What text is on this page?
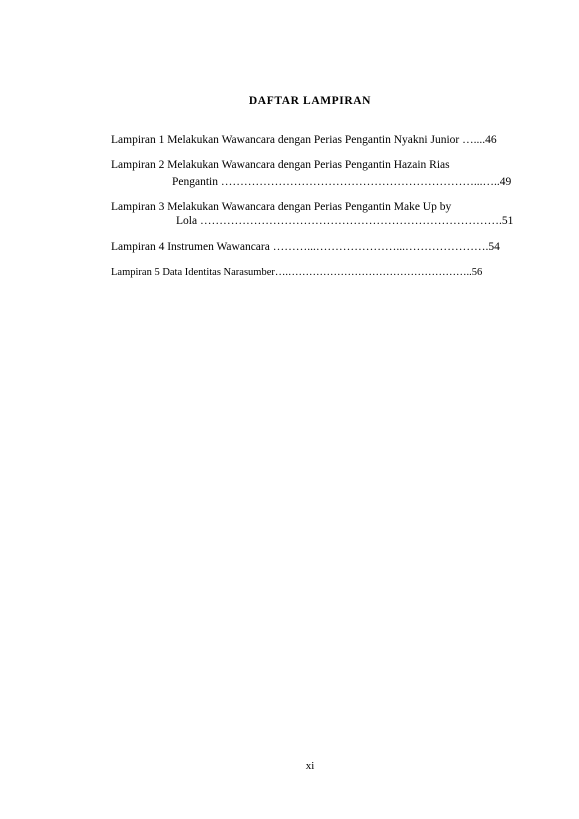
DAFTAR LAMPIRAN
Lampiran 1 Melakukan Wawancara dengan Perias Pengantin Nyakni Junior …....46
Lampiran 2 Melakukan Wawancara dengan Perias Pengantin Hazain Rias
Pengantin …………………………………………………………...…..49
Lampiran 3 Melakukan Wawancara dengan Perias Pengantin Make Up by
Lola …………………………………………………………………….51
Lampiran 4 Instrumen Wawancara ………...…………………...………………….54
Lampiran 5 Data Identitas Narasumber….……………………………………………..56
xi
